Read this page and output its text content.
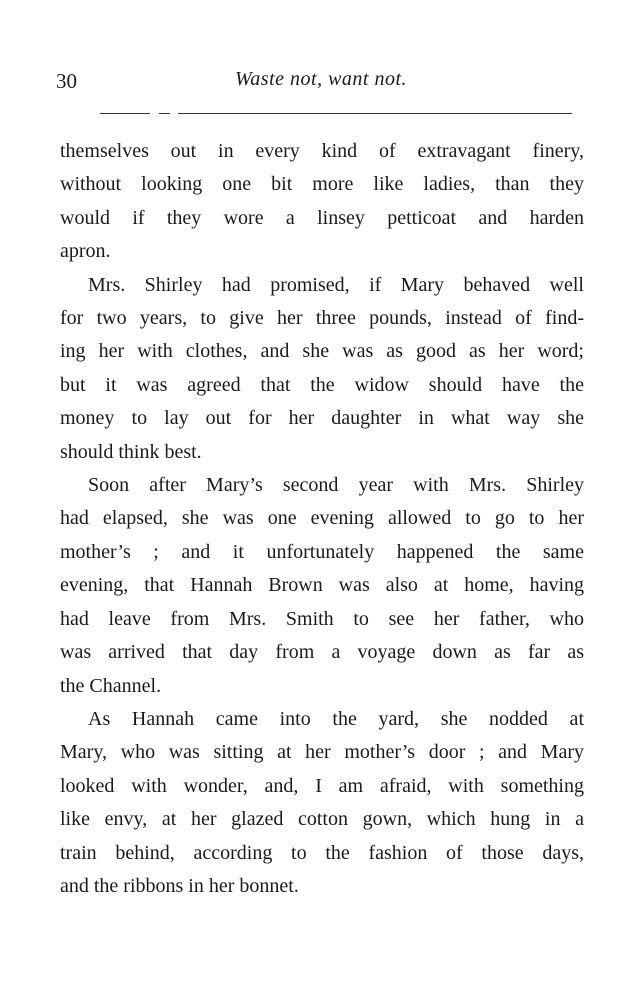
30	Waste not, want not.
themselves out in every kind of extravagant finery,
without looking one bit more like ladies, than they
would if they wore a linsey petticoat and harden
apron.
Mrs. Shirley had promised, if Mary behaved well
for two years, to give her three pounds, instead of find-
ing her with clothes, and she was as good as her word;
but it was agreed that the widow should have the
money to lay out for her daughter in what way she
should think best.
Soon after Mary’s second year with Mrs. Shirley
had elapsed, she was one evening allowed to go to her
mother’s ; and it unfortunately happened the same
evening, that Hannah Brown was also at home, having
had leave from Mrs. Smith to see her father, who
was arrived that day from a voyage down as far as
the Channel.
As Hannah came into the yard, she nodded at
Mary, who was sitting at her mother’s door ; and Mary
looked with wonder, and, I am afraid, with something
like envy, at her glazed cotton gown, which hung in a
train behind, according to the fashion of those days,
and the ribbons in her bonnet.
